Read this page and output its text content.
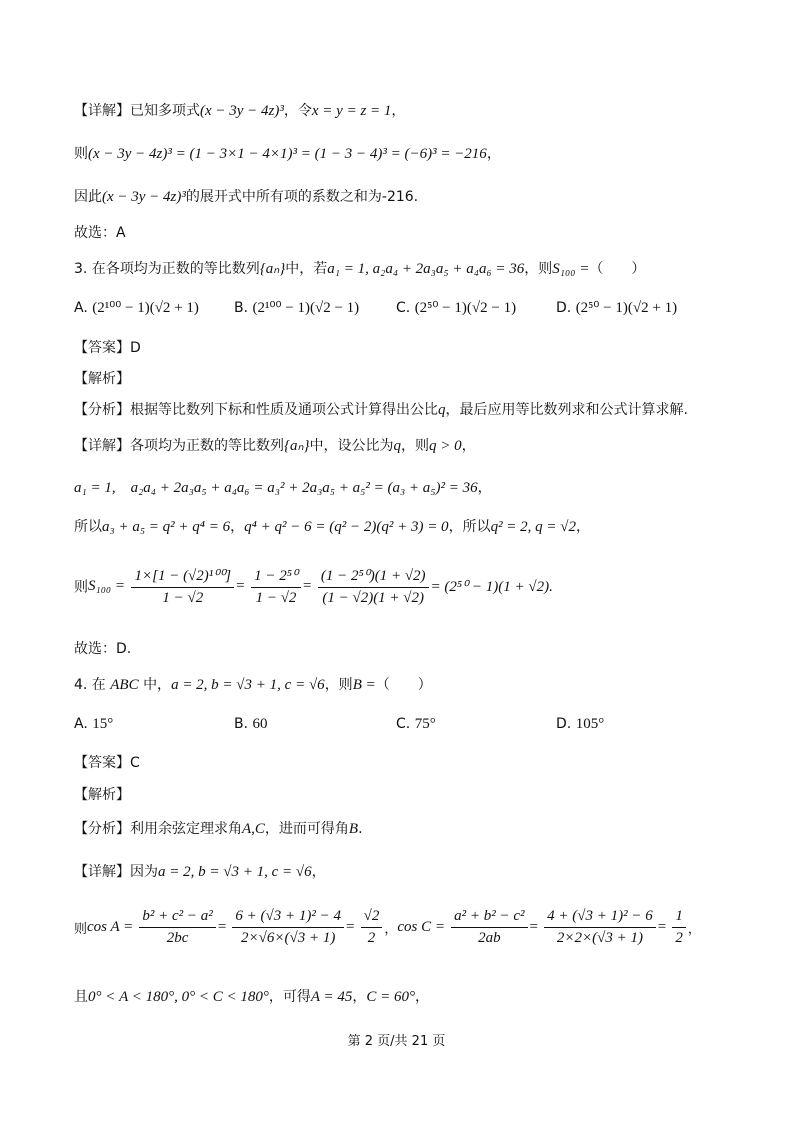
【详解】已知多项式(x − 3y − 4z)³，令x = y = z = 1，
则(x − 3y − 4z)³ = (1 − 3×1 − 4×1)³ = (1 − 3 − 4)³ = (−6)³ = −216，
因此(x − 3y − 4z)³的展开式中所有项的系数之和为-216.
故选：A
3. 在各项均为正数的等比数列{aₙ}中，若a₁ = 1, a₂a₄ + 2a₃a₅ + a₄a₆ = 36，则S₁₀₀ =（　　）
A. (2¹⁰⁰ − 1)(√2 + 1)	B. (2¹⁰⁰ − 1)(√2 − 1)	C. (2⁵⁰ − 1)(√2 − 1)	D. (2⁵⁰ − 1)(√2 + 1)
【答案】D
【解析】
【分析】根据等比数列下标和性质及通项公式计算得出公比q，最后应用等比数列求和公式计算求解.
【详解】各项均为正数的等比数列{aₙ}中，设公比为q，则q > 0，
a₁ = 1,　a₂a₄ + 2a₃a₅ + a₄a₆ = a₃² + 2a₃a₅ + a₅² = (a₃ + a₅)² = 36，
所以a₃ + a₅ = q² + q⁴ = 6，q⁴ + q² − 6 = (q² − 2)(q² + 3) = 0，所以q² = 2, q = √2，
则$S_{100} = \frac{\text{1×[1 − (√2)¹⁰⁰]}}{1 - √2} = \frac{\text{1 − 2⁵⁰}}{1 - √2} = \frac{\text{(1 − 2⁵⁰)(1 + √2)}}{(1 - √2)(1 + √2)} = (2^{50} - 1)(1 + √2)$.
故选：D.
4. 在 ABC 中，a = 2, b = √3 + 1, c = √6，则B =（　　）
A. 15°	B. 60	C. 75°	D. 105°
【答案】C
【解析】
【分析】利用余弦定理求角A,C，进而可得角B.
【详解】因为a = 2, b = √3 + 1, c = √6，
则$\cos A = \frac{\text{b² + c² − a²}}{2bc} = \frac{\text{6 + (√3 + 1)² − 4}}{2\times√6\times(√3 + 1)} = \frac{√2}{2}$ ，$\cos C = \frac{\text{a² + b² − c²}}{2ab} = \frac{\text{4 + (√3 + 1)² − 6}}{2\times 2\times(√3 + 1)} = \frac{1}{2}$ ，
且0° < A < 180°, 0° < C < 180°，可得A = 45，C = 60°，
第 2 页/共 21 页
